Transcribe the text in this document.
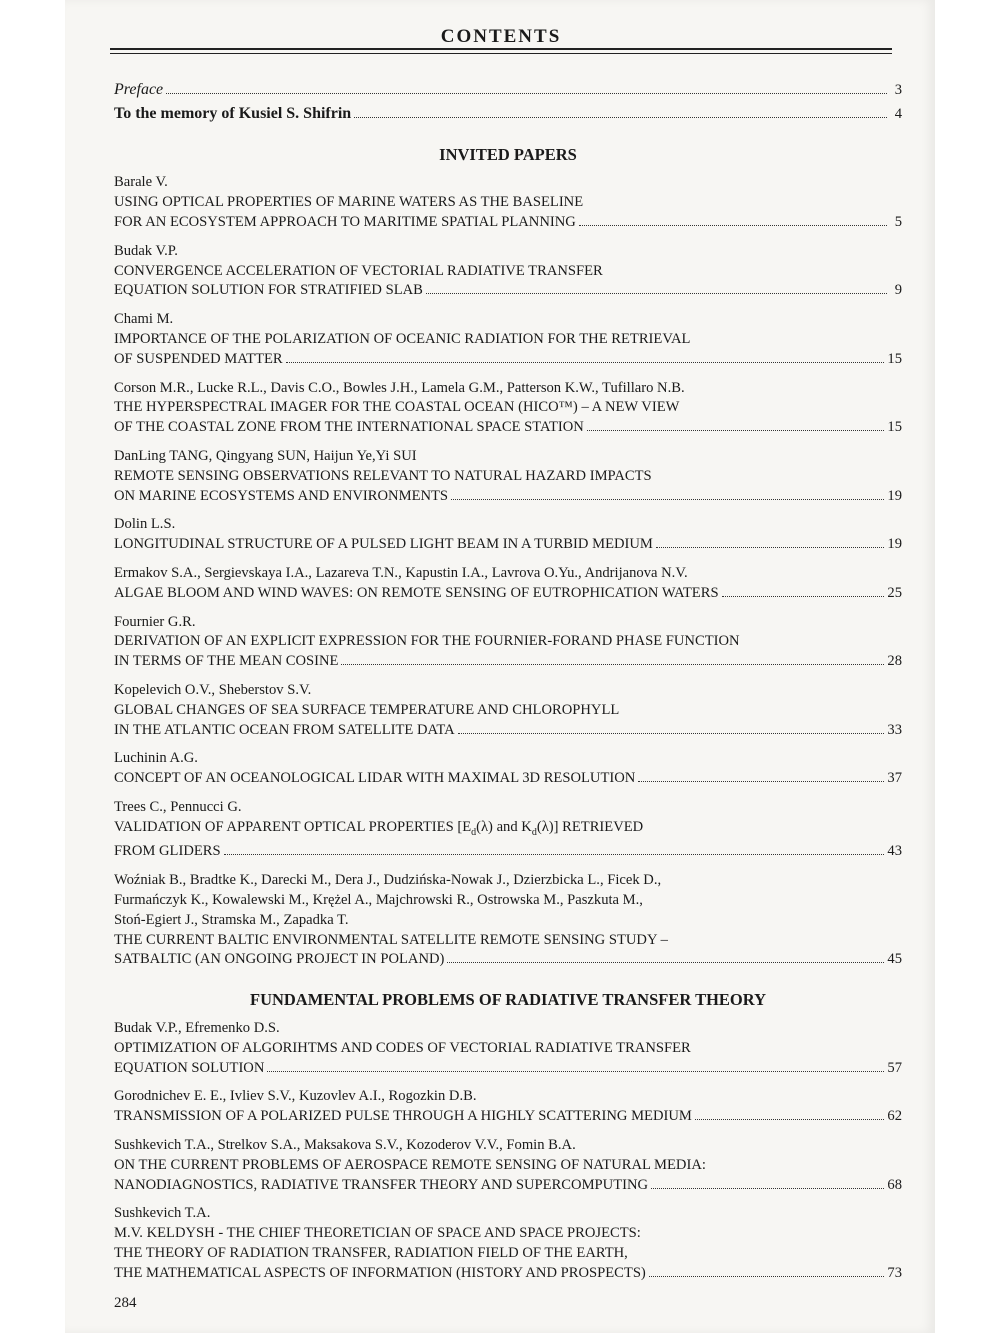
CONTENTS
Preface	3
To the memory of Kusiel S. Shifrin	4
INVITED PAPERS
Barale V.
USING OPTICAL PROPERTIES OF MARINE WATERS AS THE BASELINE
FOR AN ECOSYSTEM APPROACH TO MARITIME SPATIAL PLANNING	5
Budak V.P.
CONVERGENCE ACCELERATION OF VECTORIAL RADIATIVE TRANSFER
EQUATION SOLUTION FOR STRATIFIED SLAB	9
Chami M.
IMPORTANCE OF THE POLARIZATION OF OCEANIC RADIATION FOR THE RETRIEVAL
OF SUSPENDED MATTER	15
Corson M.R., Lucke R.L., Davis C.O., Bowles J.H., Lamela G.M., Patterson K.W., Tufillaro N.B.
THE HYPERSPECTRAL IMAGER FOR THE COASTAL OCEAN (HICO™) – A NEW VIEW
OF THE COASTAL ZONE FROM THE INTERNATIONAL SPACE STATION	15
DanLing TANG, Qingyang SUN, Haijun Ye,Yi SUI
REMOTE SENSING OBSERVATIONS RELEVANT TO NATURAL HAZARD IMPACTS
ON MARINE ECOSYSTEMS AND ENVIRONMENTS	19
Dolin L.S.
LONGITUDINAL STRUCTURE OF A PULSED LIGHT BEAM IN A TURBID MEDIUM	19
Ermakov S.A., Sergievskaya I.A., Lazareva T.N., Kapustin I.A., Lavrova O.Yu., Andrijanova N.V.
ALGAE BLOOM AND WIND WAVES: ON REMOTE SENSING OF EUTROPHICATION WATERS	25
Fournier G.R.
DERIVATION OF AN EXPLICIT EXPRESSION FOR THE FOURNIER-FORAND PHASE FUNCTION
IN TERMS OF THE MEAN COSINE	28
Kopelevich O.V., Sheberstov S.V.
GLOBAL CHANGES OF SEA SURFACE TEMPERATURE AND CHLOROPHYLL
IN THE ATLANTIC OCEAN FROM SATELLITE DATA	33
Luchinin A.G.
CONCEPT OF AN OCEANOLOGICAL LIDAR WITH MAXIMAL 3D RESOLUTION	37
Trees C., Pennucci G.
VALIDATION OF APPARENT OPTICAL PROPERTIES [$E_d(\lambda)$ and $K_d(\lambda)$] RETRIEVED
FROM GLIDERS	43
Woźniak B., Bradtke K., Darecki M., Dera J., Dudzińska-Nowak J., Dzierzbicka L., Ficek D.,
Furmańczyk K., Kowalewski M., Krężel A., Majchrowski R., Ostrowska M., Paszkuta M.,
Stoń-Egiert J., Stramska M., Zapadka T.
THE CURRENT BALTIC ENVIRONMENTAL SATELLITE REMOTE SENSING STUDY –
SATBALTIC (AN ONGOING PROJECT IN POLAND)	45
FUNDAMENTAL PROBLEMS OF RADIATIVE TRANSFER THEORY
Budak V.P., Efremenko D.S.
OPTIMIZATION OF ALGORIHTMS AND CODES OF VECTORIAL RADIATIVE TRANSFER
EQUATION SOLUTION	57
Gorodnichev E. E., Ivliev S.V., Kuzovlev A.I., Rogozkin D.B.
TRANSMISSION OF A POLARIZED PULSE THROUGH A HIGHLY SCATTERING MEDIUM	62
Sushkevich T.A., Strelkov S.A., Maksakova S.V., Kozoderov V.V., Fomin B.A.
ON THE CURRENT PROBLEMS OF AEROSPACE REMOTE SENSING OF NATURAL MEDIA:
NANODIAGNOSTICS, RADIATIVE TRANSFER THEORY AND SUPERCOMPUTING	68
Sushkevich T.A.
M.V. KELDYSH - THE CHIEF THEORETICIAN OF SPACE AND SPACE PROJECTS:
THE THEORY OF RADIATION TRANSFER, RADIATION FIELD OF THE EARTH,
THE MATHEMATICAL ASPECTS OF INFORMATION (HISTORY AND PROSPECTS)	73
284
